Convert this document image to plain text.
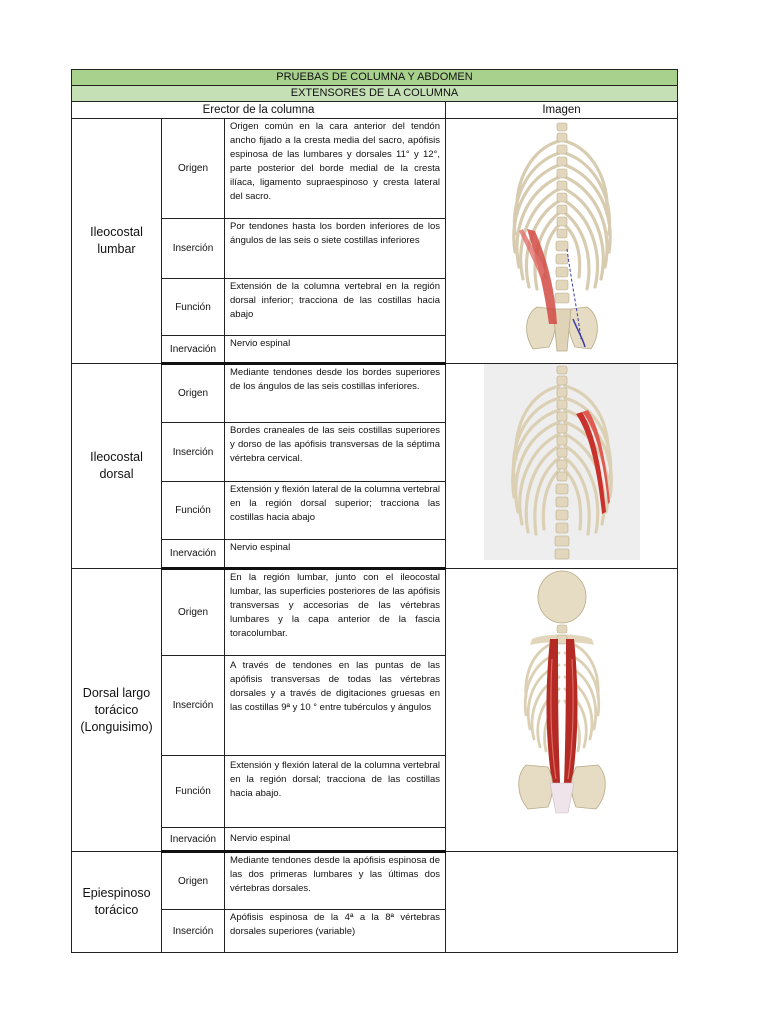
PRUEBAS DE COLUMNA Y ABDOMEN			
EXTENSORES DE LA COLUMNA			
Erector de la columna			Imagen
Ileocostal lumbar	Origen	Origen común en la cara anterior del tendón ancho fijado a la cresta media del sacro, apófisis espinosa de las lumbares y dorsales 11° y 12°, parte posterior del borde medial de la cresta ilíaca, ligamento supraespinoso y cresta lateral del sacro.	

	Inserción	Por tendones hasta los borden inferiores de los ángulos de las seis o siete costillas inferiores	
	Función	Extensión de la columna vertebral en la región dorsal inferior; tracciona de las costillas hacia abajo	
	Inervación	Nervio espinal	
Ileocostal dorsal	Origen	Mediante tendones desde los bordes superiores de los ángulos de las seis costillas inferiores.	

	Inserción	Bordes craneales de las seis costillas superiores y dorso de las apófisis transversas de la séptima vértebra cervical.	
	Función	Extensión y flexión lateral de la columna vertebral en la región dorsal superior; tracciona las costillas hacia abajo	
	Inervación	Nervio espinal	
Dorsal largo torácico (Longuisimo)	Origen	En la región lumbar, junto con el ileocostal lumbar, las superficies posteriores de las apófisis transversas y accesorias de las vértebras lumbares y la capa anterior de la fascia toracolumbar.	

	Inserción	A través de tendones en las puntas de las apófisis transversas de todas las vértebras dorsales y a través de digitaciones gruesas en las costillas 9ª y 10 ° entre tubérculos y ángulos	
	Función	Extensión y flexión lateral de la columna vertebral en la región dorsal; tracciona de las costillas hacia abajo.	
	Inervación	Nervio espinal	
Epiespinoso torácico	Origen	Mediante tendones desde la apófisis espinosa de las dos primeras lumbares y las últimas dos vértebras dorsales.	
	Inserción	Apófisis espinosa de la 4ª a la 8ª vértebras dorsales superiores (variable)	
